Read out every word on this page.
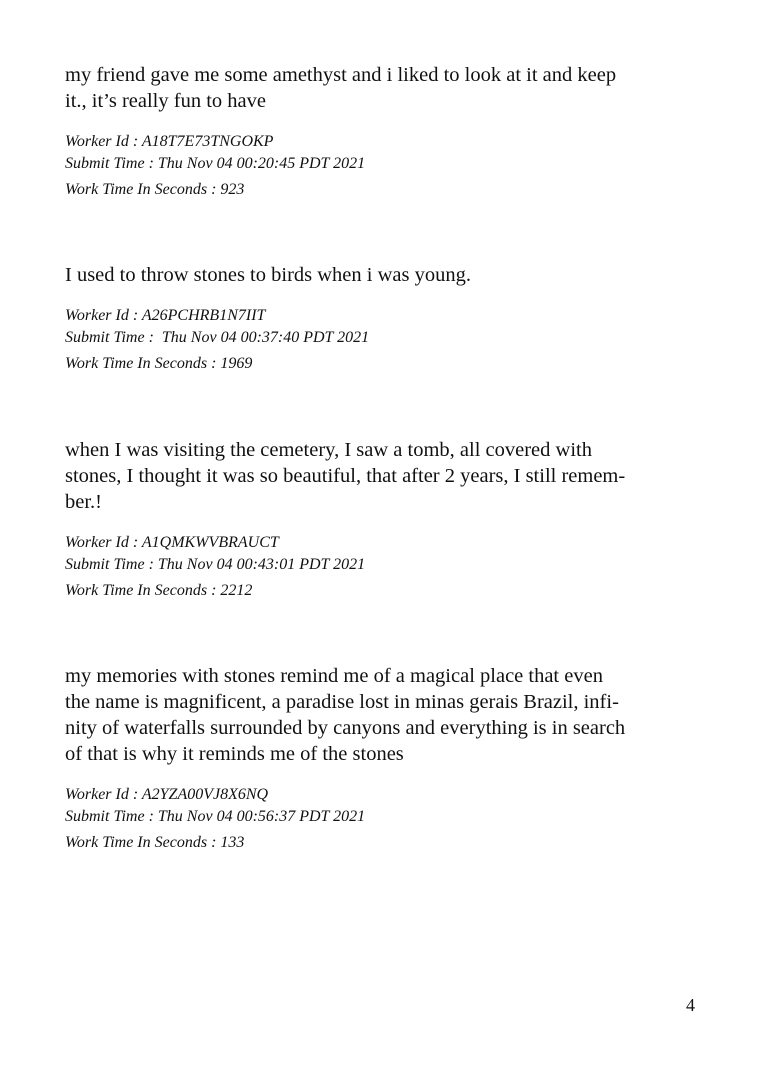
my friend gave me some amethyst and i liked to look at it and keep
it., it’s really fun to have

Worker Id : A18T7E73TNGOKP
Submit Time : Thu Nov 04 00:20:45 PDT 2021
Work Time In Seconds : 923

I used to throw stones to birds when i was young.

Worker Id : A26PCHRB1N7IIT
Submit Time :  Thu Nov 04 00:37:40 PDT 2021
Work Time In Seconds : 1969

when I was visiting the cemetery, I saw a tomb, all covered with
stones, I thought it was so beautiful, that after 2 years, I still remem-
ber.!

Worker Id : A1QMKWVBRAUCT
Submit Time : Thu Nov 04 00:43:01 PDT 2021
Work Time In Seconds : 2212

my memories with stones remind me of a magical place that even
the name is magnificent, a paradise lost in minas gerais Brazil, infi-
nity of waterfalls surrounded by canyons and everything is in search
of that is why it reminds me of the stones

Worker Id : A2YZA00VJ8X6NQ
Submit Time : Thu Nov 04 00:56:37 PDT 2021
Work Time In Seconds : 133
4
